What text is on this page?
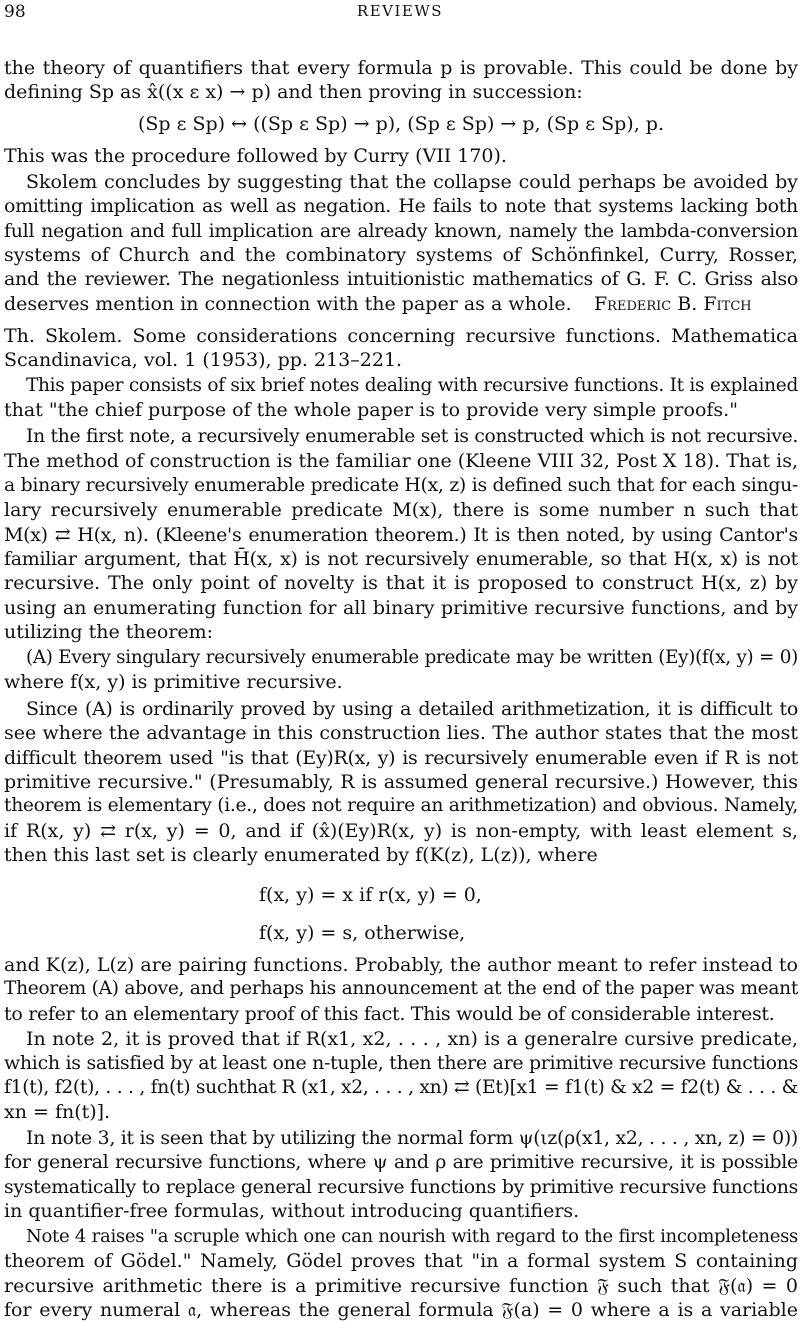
98	REVIEWS
the theory of quantifiers that every formula p is provable. This could be done by
defining Sp as x̂((x ε x) → p) and then proving in succession:
(Sp ε Sp) ↔ ((Sp ε Sp) → p), (Sp ε Sp) → p, (Sp ε Sp), p.
This was the procedure followed by Curry (VII 170).
Skolem concludes by suggesting that the collapse could perhaps be avoided by
omitting implication as well as negation. He fails to note that systems lacking both
full negation and full implication are already known, namely the lambda-conversion
systems of Church and the combinatory systems of Schönfinkel, Curry, Rosser,
and the reviewer. The negationless intuitionistic mathematics of G. F. C. Griss also
deserves mention in connection with the paper as a whole. Frederic B. Fitch
Th. Skolem. Some considerations concerning recursive functions. Mathematica
Scandinavica, vol. 1 (1953), pp. 213–221.
This paper consists of six brief notes dealing with recursive functions. It is explained
that "the chief purpose of the whole paper is to provide very simple proofs."
In the first note, a recursively enumerable set is constructed which is not recursive.
The method of construction is the familiar one (Kleene VIII 32, Post X 18). That is,
a binary recursively enumerable predicate H(x, z) is defined such that for each singu-
lary recursively enumerable predicate M(x), there is some number n such that
M(x) ⇄ H(x, n). (Kleene's enumeration theorem.) It is then noted, by using Cantor's
familiar argument, that H̄(x, x) is not recursively enumerable, so that H(x, x) is not
recursive. The only point of novelty is that it is proposed to construct H(x, z) by
using an enumerating function for all binary primitive recursive functions, and by
utilizing the theorem:
(A) Every singulary recursively enumerable predicate may be written (Ey)(f(x, y) = 0)
where f(x, y) is primitive recursive.
Since (A) is ordinarily proved by using a detailed arithmetization, it is difficult to
see where the advantage in this construction lies. The author states that the most
difficult theorem used "is that (Ey)R(x, y) is recursively enumerable even if R is not
primitive recursive." (Presumably, R is assumed general recursive.) However, this
theorem is elementary (i.e., does not require an arithmetization) and obvious. Namely,
if R(x, y) ⇄ r(x, y) = 0, and if (x̂)(Ey)R(x, y) is non-empty, with least element s,
then this last set is clearly enumerated by f(K(z), L(z)), where
f(x, y) = x if r(x, y) = 0,
f(x, y) = s, otherwise,
and K(z), L(z) are pairing functions. Probably, the author meant to refer instead to
Theorem (A) above, and perhaps his announcement at the end of the paper was meant
to refer to an elementary proof of this fact. This would be of considerable interest.
In note 2, it is proved that if R(x1, x2, . . . , xn) is a generalre cursive predicate,
which is satisfied by at least one n-tuple, then there are primitive recursive functions
f1(t), f2(t), . . . , fn(t) suchthat R (x1, x2, . . . , xn) ⇄ (Et)[x1 = f1(t) & x2 = f2(t) & . . . &
xn = fn(t)].
In note 3, it is seen that by utilizing the normal form ψ(ιz(ρ(x1, x2, . . . , xn, z) = 0))
for general recursive functions, where ψ and ρ are primitive recursive, it is possible
systematically to replace general recursive functions by primitive recursive functions
in quantifier-free formulas, without introducing quantifiers.
Note 4 raises "a scruple which one can nourish with regard to the first incompleteness
theorem of Gödel." Namely, Gödel proves that "in a formal system S containing
recursive arithmetic there is a primitive recursive function 𝔉 such that 𝔉(𝔞) = 0
for every numeral 𝔞, whereas the general formula 𝔉(a) = 0 where a is a variable
